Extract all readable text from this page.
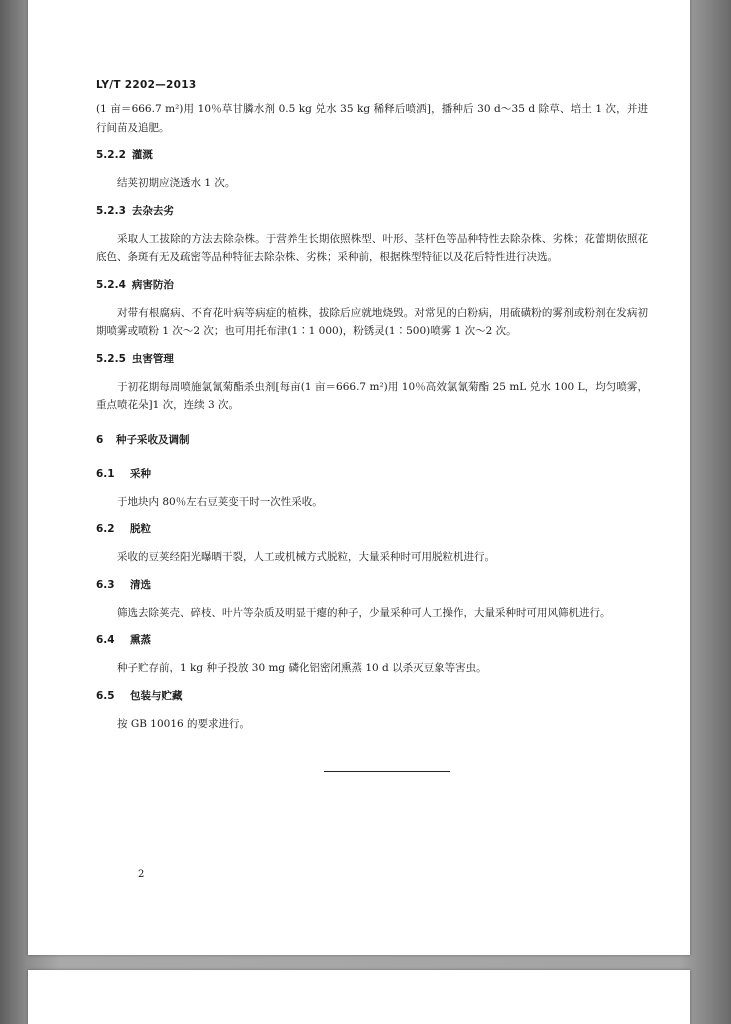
LY/T 2202—2013

(1 亩＝666.7 m²)用 10％草甘膦水剂 0.5 kg 兑水 35 kg 稀释后喷洒]，播种后 30 d～35 d 除草、培土 1 次，并进行间苗及追肥。

5.2.2 灌溉

结荚初期应浇透水 1 次。

5.2.3 去杂去劣

采取人工拔除的方法去除杂株。于营养生长期依照株型、叶形、茎杆色等品种特性去除杂株、劣株；花蕾期依照花底色、条斑有无及疏密等品种特征去除杂株、劣株；采种前，根据株型特征以及花后特性进行决选。

5.2.4 病害防治

对带有根腐病、不育花叶病等病症的植株，拔除后应就地烧毁。对常见的白粉病，用硫磺粉的雾剂或粉剂在发病初期喷雾或喷粉 1 次～2 次；也可用托布津(1∶1 000)，粉锈灵(1∶500)喷雾 1 次～2 次。

5.2.5 虫害管理

于初花期每周喷施氯氰菊酯杀虫剂[每亩(1 亩＝666.7 m²)用 10％高效氯氰菊酯 25 mL 兑水 100 L，均匀喷雾，重点喷花朵]1 次，连续 3 次。

6 种子采收及调制
6.1 采种

于地块内 80％左右豆荚变干时一次性采收。

6.2 脱粒

采收的豆荚经阳光曝晒干裂，人工或机械方式脱粒，大量采种时可用脱粒机进行。

6.3 清选

筛选去除荚壳、碎枝、叶片等杂质及明显干瘪的种子，少量采种可人工操作，大量采种时可用风筛机进行。

6.4 熏蒸

种子贮存前，1 kg 种子投放 30 mg 磷化铝密闭熏蒸 10 d 以杀灭豆象等害虫。

6.5 包装与贮藏

按 GB 10016 的要求进行。

2
